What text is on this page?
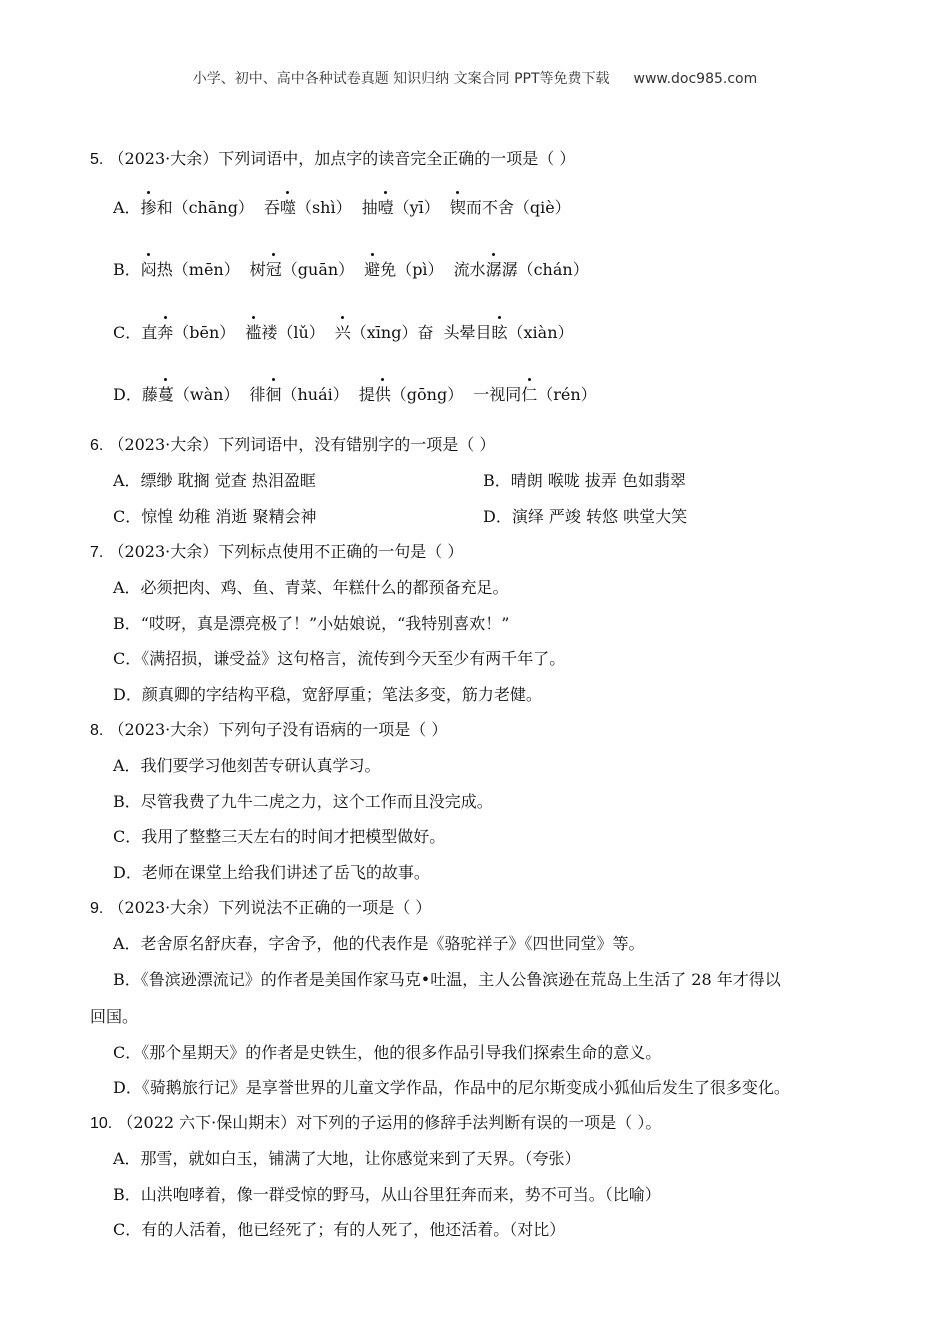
小学、初中、高中各种试卷真题 知识归纳 文案合同 PPT等免费下载 www.doc985.com
5. （2023·大余）下列词语中，加点字的读音完全正确的一项是（ ）
A．掺和（chāng） 吞噬（shì） 抽噎（yī） 锲而不舍（qiè）
B．闷热（mēn） 树冠（guān） 避免（pì） 流水潺潺（chán）
C．直奔（bēn） 褴褛（lǔ） 兴（xīng）奋 头晕目眩（xiàn）
D．藤蔓（wàn） 徘徊（huái） 提供（gōng） 一视同仁（rén）
6. （2023·大余）下列词语中，没有错别字的一项是（ ）
A．缥缈 耽搁 觉查 热泪盈眶	B．晴朗 喉咙 拔弄 色如翡翠
C．惊惶 幼稚 消逝 聚精会神	D．演绎 严竣 转悠 哄堂大笑
7. （2023·大余）下列标点使用不正确的一句是（ ）
A．必须把肉、鸡、鱼、青菜、年糕什么的都预备充足。
B．“哎呀，真是漂亮极了！”小姑娘说，“我特别喜欢！”
C．《满招损，谦受益》这句格言，流传到今天至少有两千年了。
D．颜真卿的字结构平稳，宽舒厚重；笔法多变，筋力老健。
8. （2023·大余）下列句子没有语病的一项是（ ）
A．我们要学习他刻苦专研认真学习。
B．尽管我费了九牛二虎之力，这个工作而且没完成。
C．我用了整整三天左右的时间才把模型做好。
D．老师在课堂上给我们讲述了岳飞的故事。
9. （2023·大余）下列说法不正确的一项是（ ）
A．老舍原名舒庆春，字舍予，他的代表作是《骆驼祥子》《四世同堂》等。
B．《鲁滨逊漂流记》的作者是美国作家马克•吐温，主人公鲁滨逊在荒岛上生活了 28 年才得以
回国。
C．《那个星期天》的作者是史铁生，他的很多作品引导我们探索生命的意义。
D．《骑鹅旅行记》是享誉世界的儿童文学作品，作品中的尼尔斯变成小狐仙后发生了很多变化。
10. （2022 六下·保山期末）对下列的子运用的修辞手法判断有误的一项是（ ）。
A．那雪，就如白玉，铺满了大地，让你感觉来到了天界。（夸张）
B．山洪咆哮着，像一群受惊的野马，从山谷里狂奔而来，势不可当。（比喻）
C．有的人活着，他已经死了；有的人死了，他还活着。（对比）
